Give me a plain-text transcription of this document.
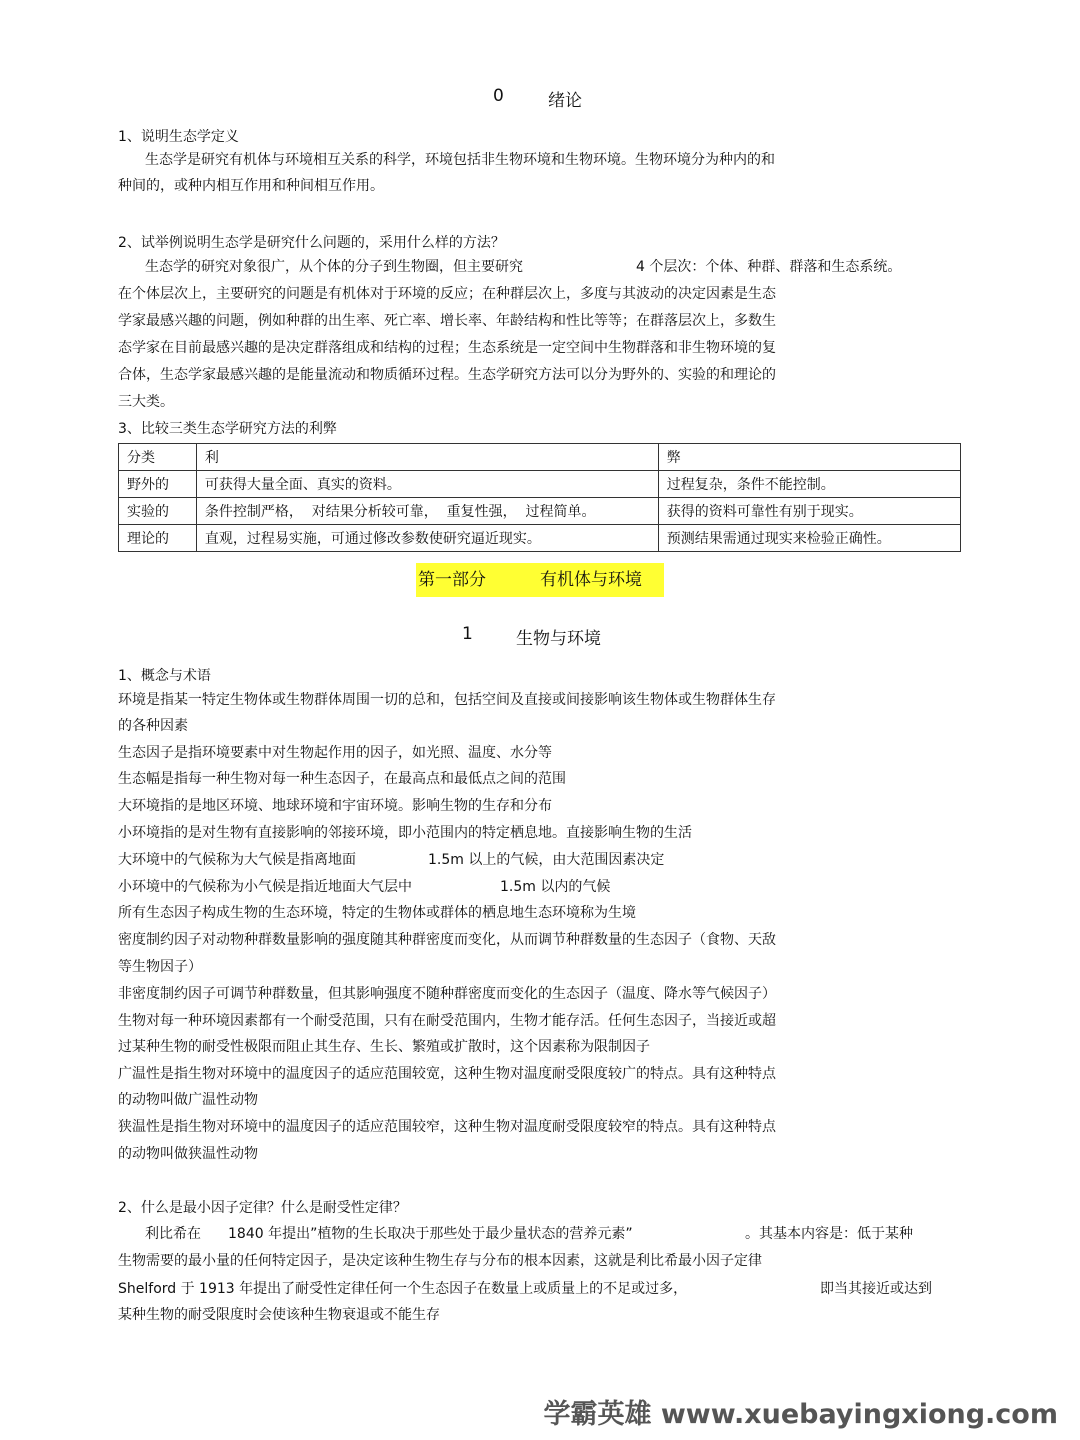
0	绪论
1、说明生态学定义
生态学是研究有机体与环境相互关系的科学，环境包括非生物环境和生物环境。生物环境分为种内的和
种间的，或种内相互作用和种间相互作用。
2、试举例说明生态学是研究什么问题的，采用什么样的方法？
生态学的研究对象很广，从个体的分子到生物圈，但主要研究	4 个层次：个体、种群、群落和生态系统。
在个体层次上，主要研究的问题是有机体对于环境的反应；在种群层次上，多度与其波动的决定因素是生态
学家最感兴趣的问题，例如种群的出生率、死亡率、增长率、年龄结构和性比等等；在群落层次上，多数生
态学家在目前最感兴趣的是决定群落组成和结构的过程；生态系统是一定空间中生物群落和非生物环境的复
合体，生态学家最感兴趣的是能量流动和物质循环过程。生态学研究方法可以分为野外的、实验的和理论的
三大类。
3、比较三类生态学研究方法的利弊
分类	利	弊
野外的	可获得大量全面、真实的资料。	过程复杂，条件不能控制。
实验的	条件控制严格，  对结果分析较可靠，  重复性强，  过程简单。	获得的资料可靠性有别于现实。
理论的	直观，过程易实施，可通过修改参数使研究逼近现实。	预测结果需通过现实来检验正确性。
第一部分	有机体与环境
1	生物与环境
1、概念与术语
环境是指某一特定生物体或生物群体周围一切的总和，包括空间及直接或间接影响该生物体或生物群体生存
的各种因素
生态因子是指环境要素中对生物起作用的因子，如光照、温度、水分等
生态幅是指每一种生物对每一种生态因子，在最高点和最低点之间的范围
大环境指的是地区环境、地球环境和宇宙环境。影响生物的生存和分布
小环境指的是对生物有直接影响的邻接环境，即小范围内的特定栖息地。直接影响生物的生活
大环境中的气候称为大气候是指离地面	1.5m 以上的气候，由大范围因素决定
小环境中的气候称为小气候是指近地面大气层中	1.5m 以内的气候
所有生态因子构成生物的生态环境，特定的生物体或群体的栖息地生态环境称为生境
密度制约因子对动物种群数量影响的强度随其种群密度而变化，从而调节种群数量的生态因子（食物、天敌
等生物因子）
非密度制约因子可调节种群数量，但其影响强度不随种群密度而变化的生态因子（温度、降水等气候因子）
生物对每一种环境因素都有一个耐受范围，只有在耐受范围内，生物才能存活。任何生态因子，当接近或超
过某种生物的耐受性极限而阻止其生存、生长、繁殖或扩散时，这个因素称为限制因子
广温性是指生物对环境中的温度因子的适应范围较宽，这种生物对温度耐受限度较广的特点。具有这种特点
的动物叫做广温性动物
狭温性是指生物对环境中的温度因子的适应范围较窄，这种生物对温度耐受限度较窄的特点。具有这种特点
的动物叫做狭温性动物
2、什么是最小因子定律？什么是耐受性定律？
利比希在 1840 年提出”植物的生长取决于那些处于最少量状态的营养元素”	。其基本内容是：低于某种
生物需要的最小量的任何特定因子，是决定该种生物生存与分布的根本因素，这就是利比希最小因子定律
Shelford 于 1913 年提出了耐受性定律任何一个生态因子在数量上或质量上的不足或过多，	即当其接近或达到
某种生物的耐受限度时会使该种生物衰退或不能生存
学霸英雄 www.xuebayingxiong.com
